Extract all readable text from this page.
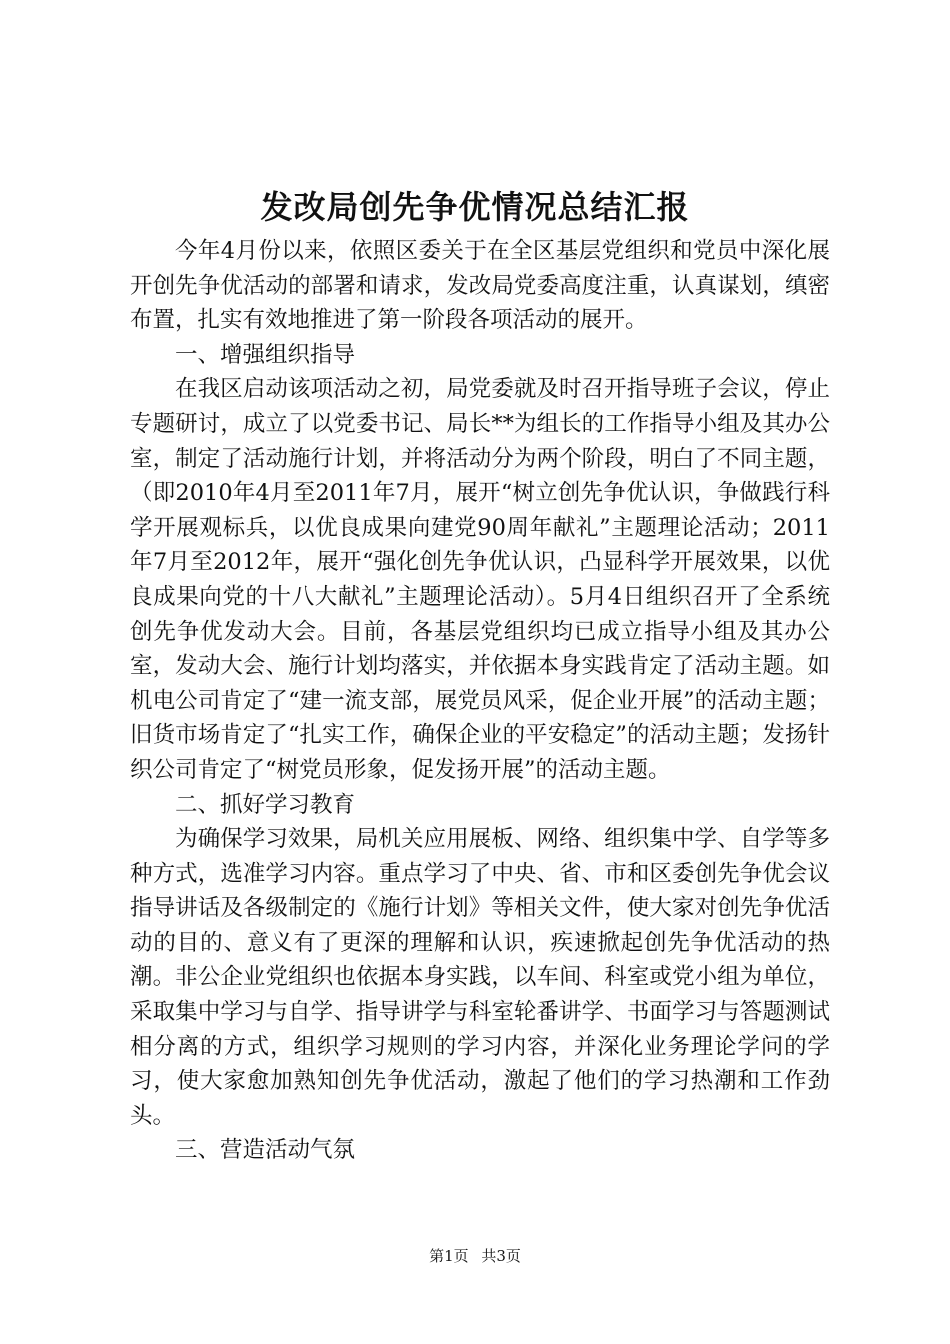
发改局创先争优情况总结汇报

今年4月份以来，依照区委关于在全区基层党组织和党员中深化展开创先争优活动的部署和请求，发改局党委高度注重，认真谋划，缜密布置，扎实有效地推进了第一阶段各项活动的展开。

一、增强组织指导

在我区启动该项活动之初，局党委就及时召开指导班子会议，停止专题研讨，成立了以党委书记、局长**为组长的工作指导小组及其办公室，制定了活动施行计划，并将活动分为两个阶段，明白了不同主题，（即2010年4月至2011年7月，展开“树立创先争优认识，争做践行科学开展观标兵，以优良成果向建党90周年献礼”主题理论活动；2011年7月至2012年，展开“强化创先争优认识，凸显科学开展效果，以优良成果向党的十八大献礼”主题理论活动）。5月4日组织召开了全系统创先争优发动大会。目前，各基层党组织均已成立指导小组及其办公室，发动大会、施行计划均落实，并依据本身实践肯定了活动主题。如机电公司肯定了“建一流支部，展党员风采，促企业开展”的活动主题；旧货市场肯定了“扎实工作，确保企业的平安稳定”的活动主题；发扬针织公司肯定了“树党员形象，促发扬开展”的活动主题。

二、抓好学习教育

为确保学习效果，局机关应用展板、网络、组织集中学、自学等多种方式，选准学习内容。重点学习了中央、省、市和区委创先争优会议指导讲话及各级制定的《施行计划》等相关文件，使大家对创先争优活动的目的、意义有了更深的理解和认识，疾速掀起创先争优活动的热潮。非公企业党组织也依据本身实践，以车间、科室或党小组为单位，采取集中学习与自学、指导讲学与科室轮番讲学、书面学习与答题测试相分离的方式，组织学习规则的学习内容，并深化业务理论学问的学习，使大家愈加熟知创先争优活动，激起了他们的学习热潮和工作劲头。

三、营造活动气氛

第1页 共3页
